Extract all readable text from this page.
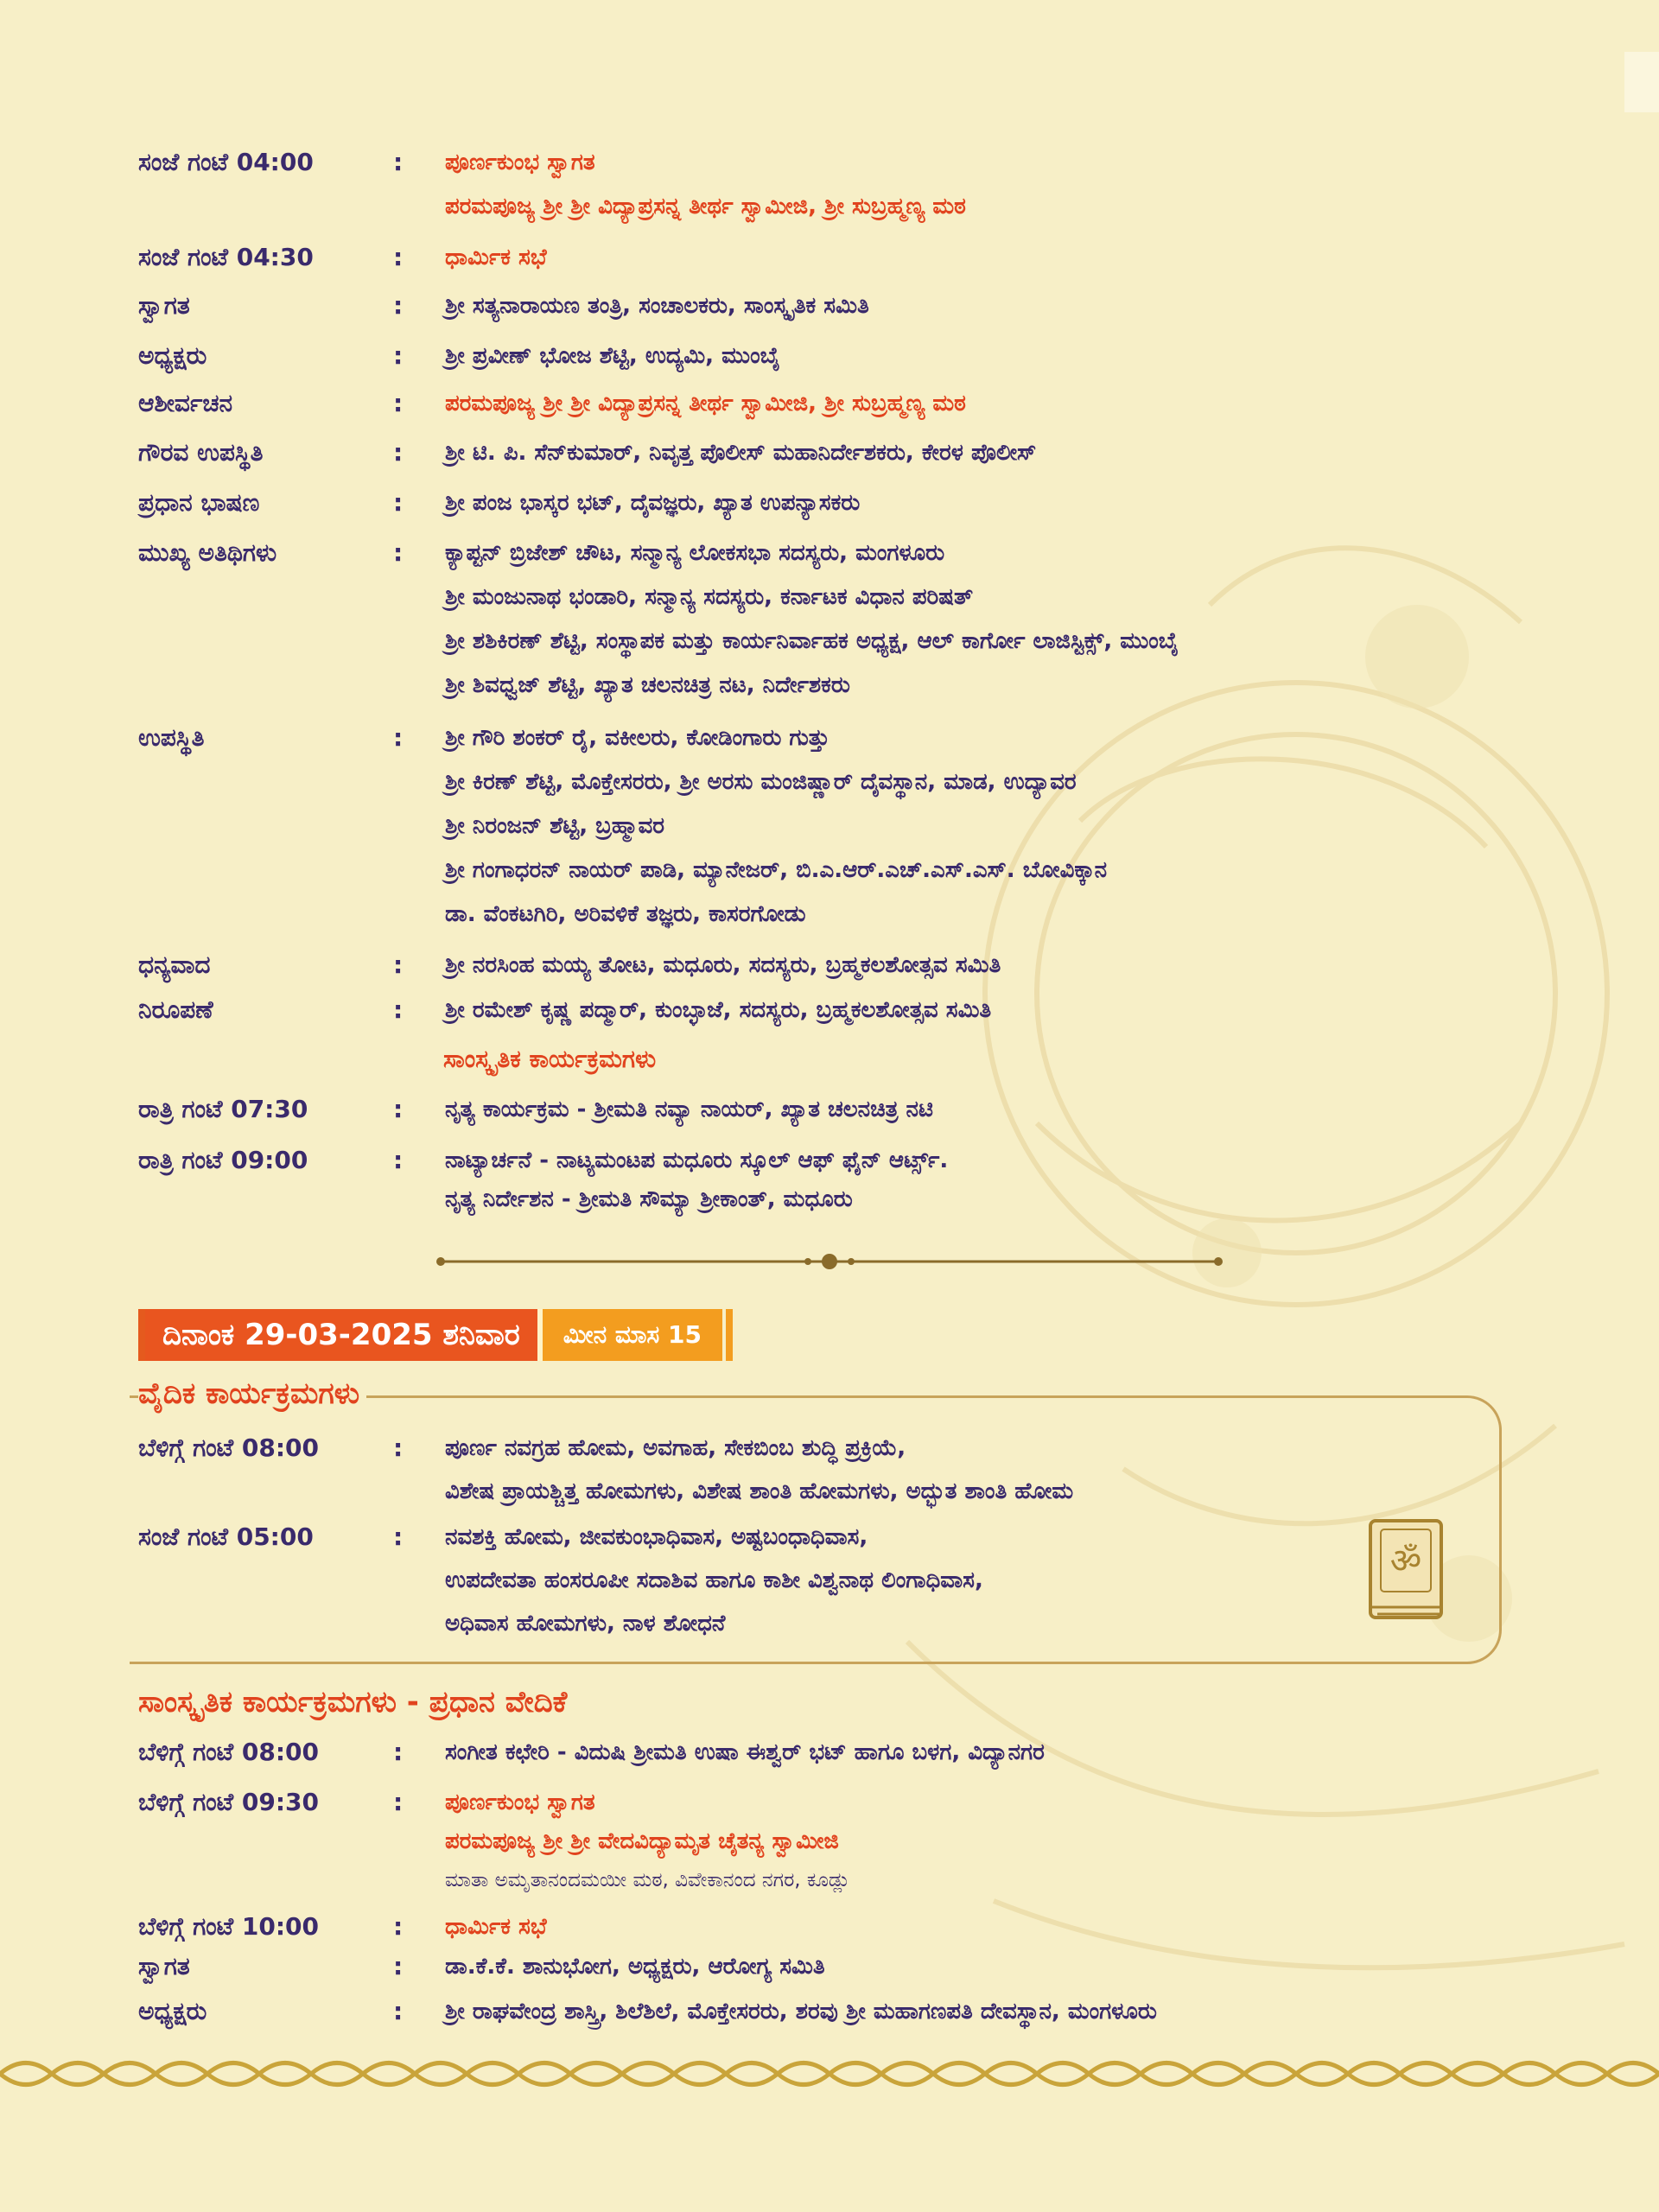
ಸಂಜೆ ಗಂಟೆ 04:00	:	ಪೂರ್ಣಕುಂಭ ಸ್ವಾಗತ
ಪರಮಪೂಜ್ಯ ಶ್ರೀ ಶ್ರೀ ವಿದ್ಯಾಪ್ರಸನ್ನ ತೀರ್ಥ ಸ್ವಾಮೀಜಿ, ಶ್ರೀ ಸುಬ್ರಹ್ಮಣ್ಯ ಮಠ
ಸಂಜೆ ಗಂಟೆ 04:30	:	ಧಾರ್ಮಿಕ ಸಭೆ
ಸ್ವಾಗತ	:	ಶ್ರೀ ಸತ್ಯನಾರಾಯಣ ತಂತ್ರಿ, ಸಂಚಾಲಕರು, ಸಾಂಸ್ಕೃತಿಕ ಸಮಿತಿ
ಅಧ್ಯಕ್ಷರು	:	ಶ್ರೀ ಪ್ರವೀಣ್ ಭೋಜ ಶೆಟ್ಟಿ, ಉದ್ಯಮಿ, ಮುಂಬೈ
ಆಶೀರ್ವಚನ	:	ಪರಮಪೂಜ್ಯ ಶ್ರೀ ಶ್ರೀ ವಿದ್ಯಾಪ್ರಸನ್ನ ತೀರ್ಥ ಸ್ವಾಮೀಜಿ, ಶ್ರೀ ಸುಬ್ರಹ್ಮಣ್ಯ ಮಠ
ಗೌರವ ಉಪಸ್ಥಿತಿ	:	ಶ್ರೀ ಟಿ. ಪಿ. ಸೆನ್‌ಕುಮಾರ್, ನಿವೃತ್ತ ಪೊಲೀಸ್ ಮಹಾನಿರ್ದೇಶಕರು, ಕೇರಳ ಪೊಲೀಸ್
ಪ್ರಧಾನ ಭಾಷಣ	:	ಶ್ರೀ ಪಂಜ ಭಾಸ್ಕರ ಭಟ್, ದೈವಜ್ಞರು, ಖ್ಯಾತ ಉಪನ್ಯಾಸಕರು
ಮುಖ್ಯ ಅತಿಥಿಗಳು	:	ಕ್ಯಾಪ್ಟನ್ ಬ್ರಿಜೇಶ್ ಚೌಟ, ಸನ್ಮಾನ್ಯ ಲೋಕಸಭಾ ಸದಸ್ಯರು, ಮಂಗಳೂರು
ಶ್ರೀ ಮಂಜುನಾಥ ಭಂಡಾರಿ, ಸನ್ಮಾನ್ಯ ಸದಸ್ಯರು, ಕರ್ನಾಟಕ ವಿಧಾನ ಪರಿಷತ್
ಶ್ರೀ ಶಶಿಕಿರಣ್ ಶೆಟ್ಟಿ, ಸಂಸ್ಥಾಪಕ ಮತ್ತು ಕಾರ್ಯನಿರ್ವಾಹಕ ಅಧ್ಯಕ್ಷ, ಆಲ್ ಕಾರ್ಗೋ ಲಾಜಿಸ್ಟಿಕ್ಸ್, ಮುಂಬೈ
ಶ್ರೀ ಶಿವಧ್ವಜ್ ಶೆಟ್ಟಿ, ಖ್ಯಾತ ಚಲನಚಿತ್ರ ನಟ, ನಿರ್ದೇಶಕರು
ಉಪಸ್ಥಿತಿ	:	ಶ್ರೀ ಗೌರಿ ಶಂಕರ್ ರೈ, ವಕೀಲರು, ಕೋಡಿಂಗಾರು ಗುತ್ತು
ಶ್ರೀ ಕಿರಣ್ ಶೆಟ್ಟಿ, ಮೊಕ್ತೇಸರರು, ಶ್ರೀ ಅರಸು ಮಂಜಿಷ್ಣಾರ್ ದೈವಸ್ಥಾನ, ಮಾಡ, ಉದ್ಯಾವರ
ಶ್ರೀ ನಿರಂಜನ್ ಶೆಟ್ಟಿ, ಬ್ರಹ್ಮಾವರ
ಶ್ರೀ ಗಂಗಾಧರನ್ ನಾಯರ್ ಪಾಡಿ, ಮ್ಯಾನೇಜರ್, ಬಿ.ಎ.ಆರ್.ಎಚ್.ಎಸ್.ಎಸ್. ಬೋವಿಕ್ಕಾನ
ಡಾ. ವೆಂಕಟಗಿರಿ, ಅರಿವಳಿಕೆ ತಜ್ಞರು, ಕಾಸರಗೋಡು
ಧನ್ಯವಾದ	:	ಶ್ರೀ ನರಸಿಂಹ ಮಯ್ಯ ತೋಟ, ಮಧೂರು, ಸದಸ್ಯರು, ಬ್ರಹ್ಮಕಲಶೋತ್ಸವ ಸಮಿತಿ
ನಿರೂಪಣೆ	:	ಶ್ರೀ ರಮೇಶ್ ಕೃಷ್ಣ ಪದ್ಮಾರ್, ಕುಂಬ್ಳಾಜೆ, ಸದಸ್ಯರು, ಬ್ರಹ್ಮಕಲಶೋತ್ಸವ ಸಮಿತಿ
ಸಾಂಸ್ಕೃತಿಕ ಕಾರ್ಯಕ್ರಮಗಳು
ರಾತ್ರಿ ಗಂಟೆ 07:30	:	ನೃತ್ಯ ಕಾರ್ಯಕ್ರಮ - ಶ್ರೀಮತಿ ನವ್ಯಾ ನಾಯರ್, ಖ್ಯಾತ ಚಲನಚಿತ್ರ ನಟಿ
ರಾತ್ರಿ ಗಂಟೆ 09:00	:	ನಾಟ್ಯಾರ್ಚನೆ - ನಾಟ್ಯಮಂಟಪ ಮಧೂರು ಸ್ಕೂಲ್ ಆಫ್ ಫೈನ್ ಆರ್ಟ್ಸ್.
ನೃತ್ಯ ನಿರ್ದೇಶನ - ಶ್ರೀಮತಿ ಸೌಮ್ಯಾ ಶ್ರೀಕಾಂತ್, ಮಧೂರು
ದಿನಾಂಕ 29-03-2025 ಶನಿವಾರ	ಮೀನ ಮಾಸ 15
ವೈದಿಕ ಕಾರ್ಯಕ್ರಮಗಳು
ಬೆಳಿಗ್ಗೆ ಗಂಟೆ 08:00	:	ಪೂರ್ಣ ನವಗ್ರಹ ಹೋಮ, ಅವಗಾಹ, ಸೇಕಬಿಂಬ ಶುದ್ಧಿ ಪ್ರಕ್ರಿಯೆ,
ವಿಶೇಷ ಪ್ರಾಯಶ್ಚಿತ್ತ ಹೋಮಗಳು, ವಿಶೇಷ ಶಾಂತಿ ಹೋಮಗಳು, ಅದ್ಭುತ ಶಾಂತಿ ಹೋಮ
ಸಂಜೆ ಗಂಟೆ 05:00	:	ನವಶಕ್ತಿ ಹೋಮ, ಜೀವಕುಂಭಾಧಿವಾಸ, ಅಷ್ಟಬಂಧಾಧಿವಾಸ,
ಉಪದೇವತಾ ಹಂಸರೂಪೀ ಸದಾಶಿವ ಹಾಗೂ ಕಾಶೀ ವಿಶ್ವನಾಥ ಲಿಂಗಾಧಿವಾಸ,
ಅಧಿವಾಸ ಹೋಮಗಳು, ನಾಳ ಶೋಧನೆ
ॐ
ಸಾಂಸ್ಕೃತಿಕ ಕಾರ್ಯಕ್ರಮಗಳು - ಪ್ರಧಾನ ವೇದಿಕೆ
ಬೆಳಿಗ್ಗೆ ಗಂಟೆ 08:00	:	ಸಂಗೀತ ಕಛೇರಿ - ವಿದುಷಿ ಶ್ರೀಮತಿ ಉಷಾ ಈಶ್ವರ್ ಭಟ್ ಹಾಗೂ ಬಳಗ, ವಿದ್ಯಾನಗರ
ಬೆಳಿಗ್ಗೆ ಗಂಟೆ 09:30	:	ಪೂರ್ಣಕುಂಭ ಸ್ವಾಗತ
ಪರಮಪೂಜ್ಯ ಶ್ರೀ ಶ್ರೀ ವೇದವಿದ್ಯಾಮೃತ ಚೈತನ್ಯ ಸ್ವಾಮೀಜಿ
ಮಾತಾ ಅಮೃತಾನಂದಮಯೀ ಮಠ, ವಿವೇಕಾನಂದ ನಗರ, ಕೂಡ್ಲು
ಬೆಳಿಗ್ಗೆ ಗಂಟೆ 10:00	:	ಧಾರ್ಮಿಕ ಸಭೆ
ಸ್ವಾಗತ	:	ಡಾ.ಕೆ.ಕೆ. ಶಾನುಭೋಗ, ಅಧ್ಯಕ್ಷರು, ಆರೋಗ್ಯ ಸಮಿತಿ
ಅಧ್ಯಕ್ಷರು	:	ಶ್ರೀ ರಾಘವೇಂದ್ರ ಶಾಸ್ತ್ರಿ, ಶಿಲೆಶಿಲೆ, ಮೊಕ್ತೇಸರರು, ಶರವು ಶ್ರೀ ಮಹಾಗಣಪತಿ ದೇವಸ್ಥಾನ, ಮಂಗಳೂರು
